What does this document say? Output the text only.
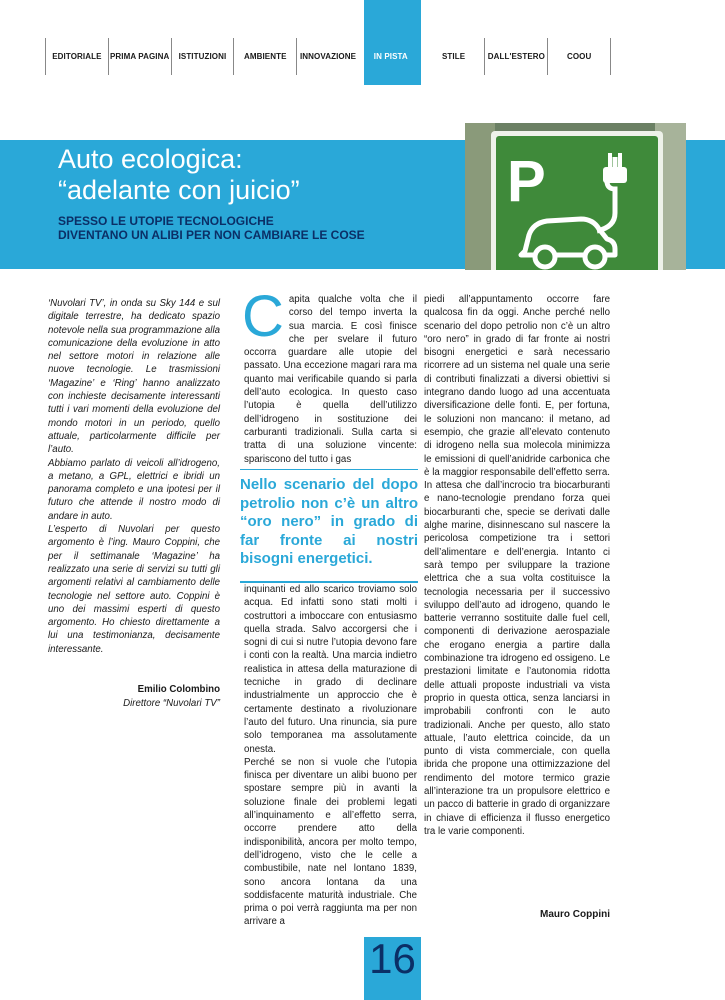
EDITORIALE	PRIMA PAGINA	ISTITUZIONI	AMBIENTE	INNOVAZIONE	IN PISTA	STILE	DALL'ESTERO	COOU
Auto ecologica:
“adelante con juicio”
SPESSO LE UTOPIE TECNOLOGICHE
DIVENTANO UN ALIBI PER NON CAMBIARE LE COSE
P

‘Nuvolari TV’, in onda su Sky 144 e sul digitale terrestre, ha dedicato spazio notevole nella sua programmazione alla comunicazione della evoluzione in atto nel settore motori in relazione alle nuove tecnologie. Le trasmissioni ‘Magazine’ e ‘Ring’ hanno analizzato con inchieste decisamente interessanti tutti i vari momenti della evoluzione del mondo motori in un periodo, quello attuale, particolarmente difficile per l’auto.

Abbiamo parlato di veicoli all’idrogeno, a metano, a GPL, elettrici e ibridi un panorama completo e una ipotesi per il futuro che attende il nostro modo di andare in auto.

L’esperto di Nuvolari per questo argomento è l’ing. Mauro Coppini, che per il settimanale ‘Magazine’ ha realizzato una serie di servizi su tutti gli argomenti relativi al cambiamento delle tecnologie nel settore auto. Coppini è uno dei massimi esperti di questo argomento. Ho chiesto direttamente a lui una testimonianza, decisamente interessante.

Emilio Colombino
Direttore “Nuvolari TV”

Capita qualche volta che il corso del tempo inverta la sua marcia. E così finisce che per svelare il futuro occorra guardare alle utopie del passato. Una eccezione magari rara ma quanto mai verificabile quando si parla dell’auto ecologica. In questo caso l’utopia è quella dell’utilizzo dell’idrogeno in sostituzione dei carburanti tradizionali. Sulla carta si tratta di una soluzione vincente: spariscono del tutto i gas

Nello scenario del dopo petrolio non c’è un altro “oro nero” in grado di far fronte ai nostri bisogni energetici.

inquinanti ed allo scarico troviamo solo acqua. Ed infatti sono stati molti i costruttori a imboccare con entusiasmo quella strada. Salvo accorgersi che i sogni di cui si nutre l’utopia devono fare i conti con la realtà. Una marcia indietro realistica in attesa della maturazione di tecniche in grado di declinare industrialmente un approccio che è certamente destinato a rivoluzionare l’auto del futuro. Una rinuncia, sia pure solo temporanea ma assolutamente onesta.

Perché se non si vuole che l’utopia finisca per diventare un alibi buono per spostare sempre più in avanti la soluzione finale dei problemi legati all’inquinamento e all’effetto serra, occorre prendere atto della indisponibilità, ancora per molto tempo, dell’idrogeno, visto che le celle a combustibile, nate nel lontano 1839, sono ancora lontana da una soddisfacente maturità industriale. Che prima o poi verrà raggiunta ma per non arrivare a

piedi all’appuntamento occorre fare qualcosa fin da oggi. Anche perché nello scenario del dopo petrolio non c’è un altro “oro nero” in grado di far fronte ai nostri bisogni energetici e sarà necessario ricorrere ad un sistema nel quale una serie di contributi finalizzati a diversi obiettivi si integrano dando luogo ad una accentuata diversificazione delle fonti. E, per fortuna, le soluzioni non mancano: il metano, ad esempio, che grazie all’elevato contenuto di idrogeno nella sua molecola minimizza le emissioni di quell’anidride carbonica che è la maggior responsabile dell’effetto serra. In attesa che dall’incrocio tra biocarburanti e nano-tecnologie prendano forza quei biocarburanti che, specie se derivati dalle alghe marine, disinnescano sul nascere la pericolosa competizione tra i settori dell’alimentare e dell’energia. Intanto ci sarà tempo per sviluppare la trazione elettrica che a sua volta costituisce la tecnologia necessaria per il successivo sviluppo dell’auto ad idrogeno, quando le batterie verranno sostituite dalle fuel cell, componenti di derivazione aerospaziale che erogano energia a partire dalla combinazione tra idrogeno ed ossigeno. Le prestazioni limitate e l’autonomia ridotta delle attuali proposte industriali va vista proprio in questa ottica, senza lanciarsi in improbabili confronti con le auto tradizionali. Anche per questo, allo stato attuale, l’auto elettrica coincide, da un punto di vista commerciale, con quella ibrida che propone una ottimizzazione del rendimento del motore termico grazie all’interazione tra un propulsore elettrico e un pacco di batterie in grado di organizzare in chiave di efficienza il flusso energetico tra le varie componenti.

Mauro Coppini
16
